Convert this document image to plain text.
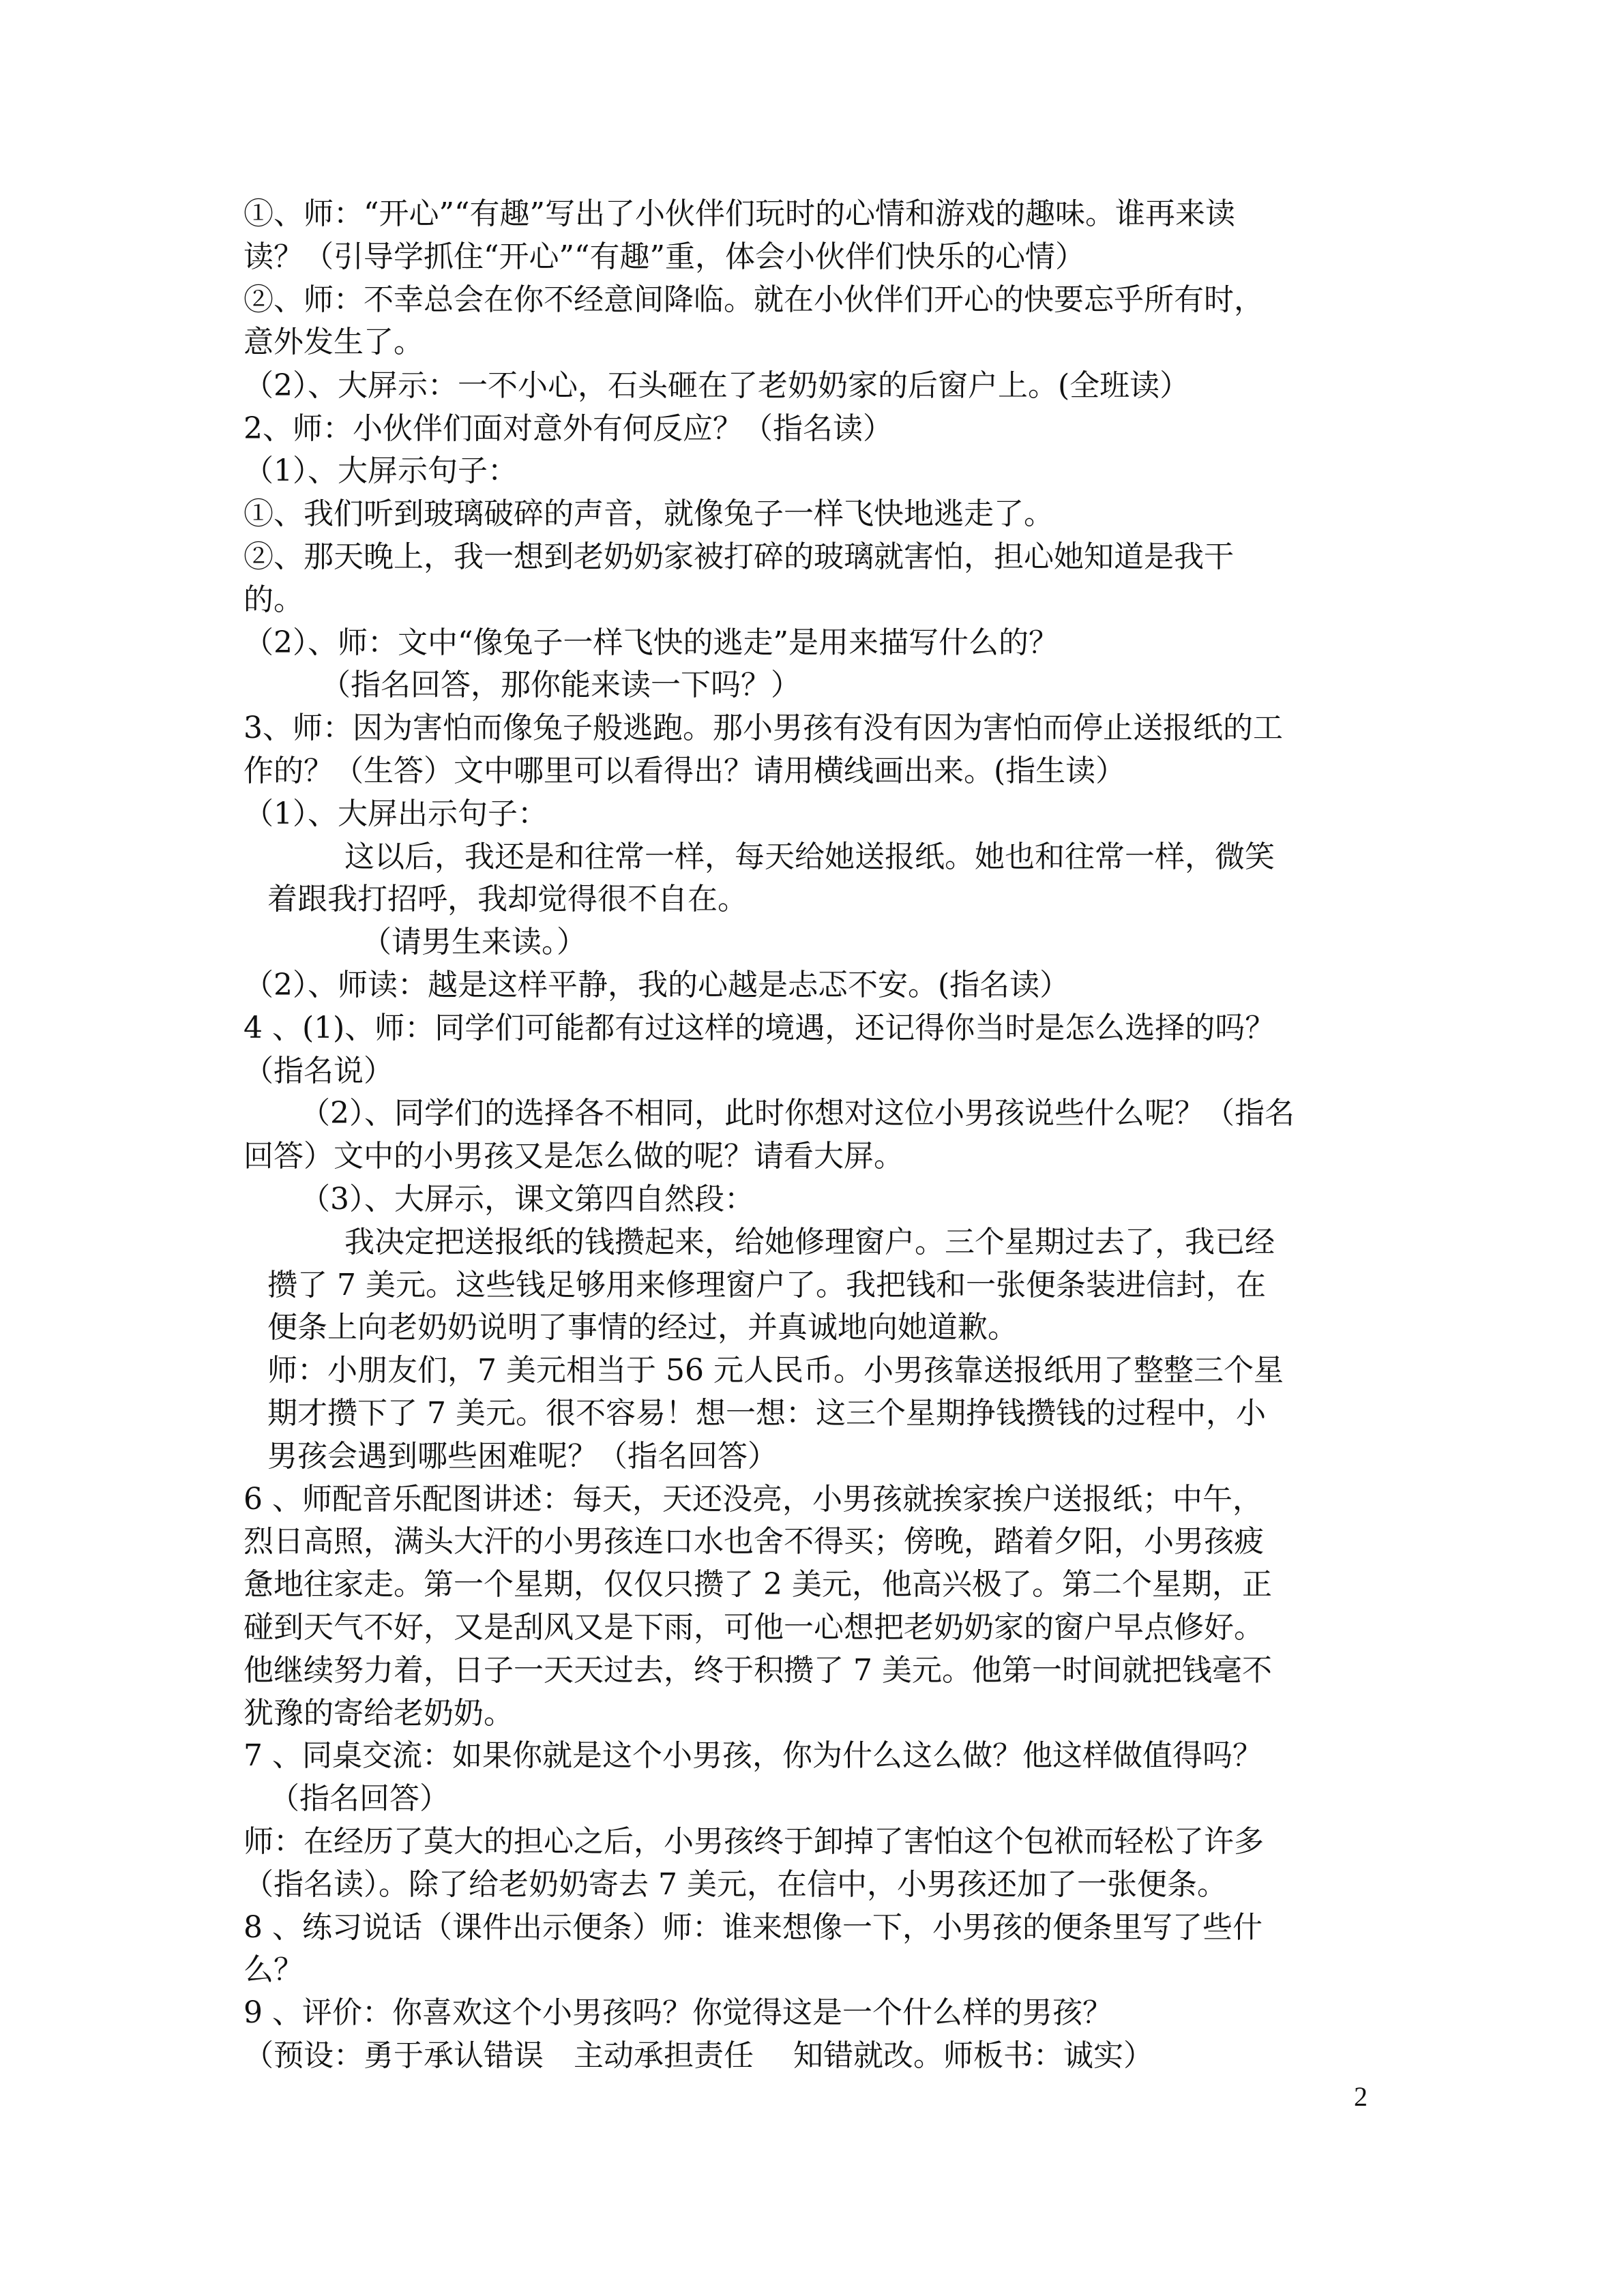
①、师：“开心”“有趣”写出了小伙伴们玩时的心情和游戏的趣味。谁再来读

读？（引导学抓住“开心”“有趣”重，体会小伙伴们快乐的心情）

②、师：不幸总会在你不经意间降临。就在小伙伴们开心的快要忘乎所有时，

意外发生了。

（2）、大屏示：一不小心，石头砸在了老奶奶家的后窗户上。(全班读）

2、师：小伙伴们面对意外有何反应？（指名读）

（1）、大屏示句子：

①、我们听到玻璃破碎的声音，就像兔子一样飞快地逃走了。

②、那天晚上，我一想到老奶奶家被打碎的玻璃就害怕，担心她知道是我干

的。

（2）、师：文中“像兔子一样飞快的逃走”是用来描写什么的？

（指名回答，那你能来读一下吗？）

3、师：因为害怕而像兔子般逃跑。那小男孩有没有因为害怕而停止送报纸的工

作的？（生答）文中哪里可以看得出？请用横线画出来。(指生读）

（1）、大屏出示句子：

这以后，我还是和往常一样，每天给她送报纸。她也和往常一样，微笑

着跟我打招呼，我却觉得很不自在。

（请男生来读。）

（2）、师读：越是这样平静，我的心越是忐忑不安。(指名读）

4 、(1)、师：同学们可能都有过这样的境遇，还记得你当时是怎么选择的吗？

（指名说）

（2）、同学们的选择各不相同，此时你想对这位小男孩说些什么呢？（指名

回答）文中的小男孩又是怎么做的呢？请看大屏。

（3）、大屏示，课文第四自然段：

我决定把送报纸的钱攒起来，给她修理窗户。三个星期过去了，我已经

攒了 7 美元。这些钱足够用来修理窗户了。我把钱和一张便条装进信封，在

便条上向老奶奶说明了事情的经过，并真诚地向她道歉。

师：小朋友们，7 美元相当于 56 元人民币。小男孩靠送报纸用了整整三个星

期才攒下了 7 美元。很不容易！想一想：这三个星期挣钱攒钱的过程中，小

男孩会遇到哪些困难呢？（指名回答）

6 、师配音乐配图讲述：每天，天还没亮，小男孩就挨家挨户送报纸；中午，

烈日高照，满头大汗的小男孩连口水也舍不得买；傍晚，踏着夕阳，小男孩疲

惫地往家走。第一个星期，仅仅只攒了 2 美元，他高兴极了。第二个星期，正

碰到天气不好，又是刮风又是下雨，可他一心想把老奶奶家的窗户早点修好。

他继续努力着，日子一天天过去，终于积攒了 7 美元。他第一时间就把钱毫不

犹豫的寄给老奶奶。

7 、同桌交流：如果你就是这个小男孩，你为什么这么做？他这样做值得吗？

（指名回答）

师：在经历了莫大的担心之后，小男孩终于卸掉了害怕这个包袱而轻松了许多

（指名读）。除了给老奶奶寄去 7 美元，在信中，小男孩还加了一张便条。

8 、练习说话（课件出示便条）师：谁来想像一下，小男孩的便条里写了些什

么？

9 、评价：你喜欢这个小男孩吗？你觉得这是一个什么样的男孩？

（预设：勇于承认错误　主动承担责任　 知错就改。师板书：诚实）

2
